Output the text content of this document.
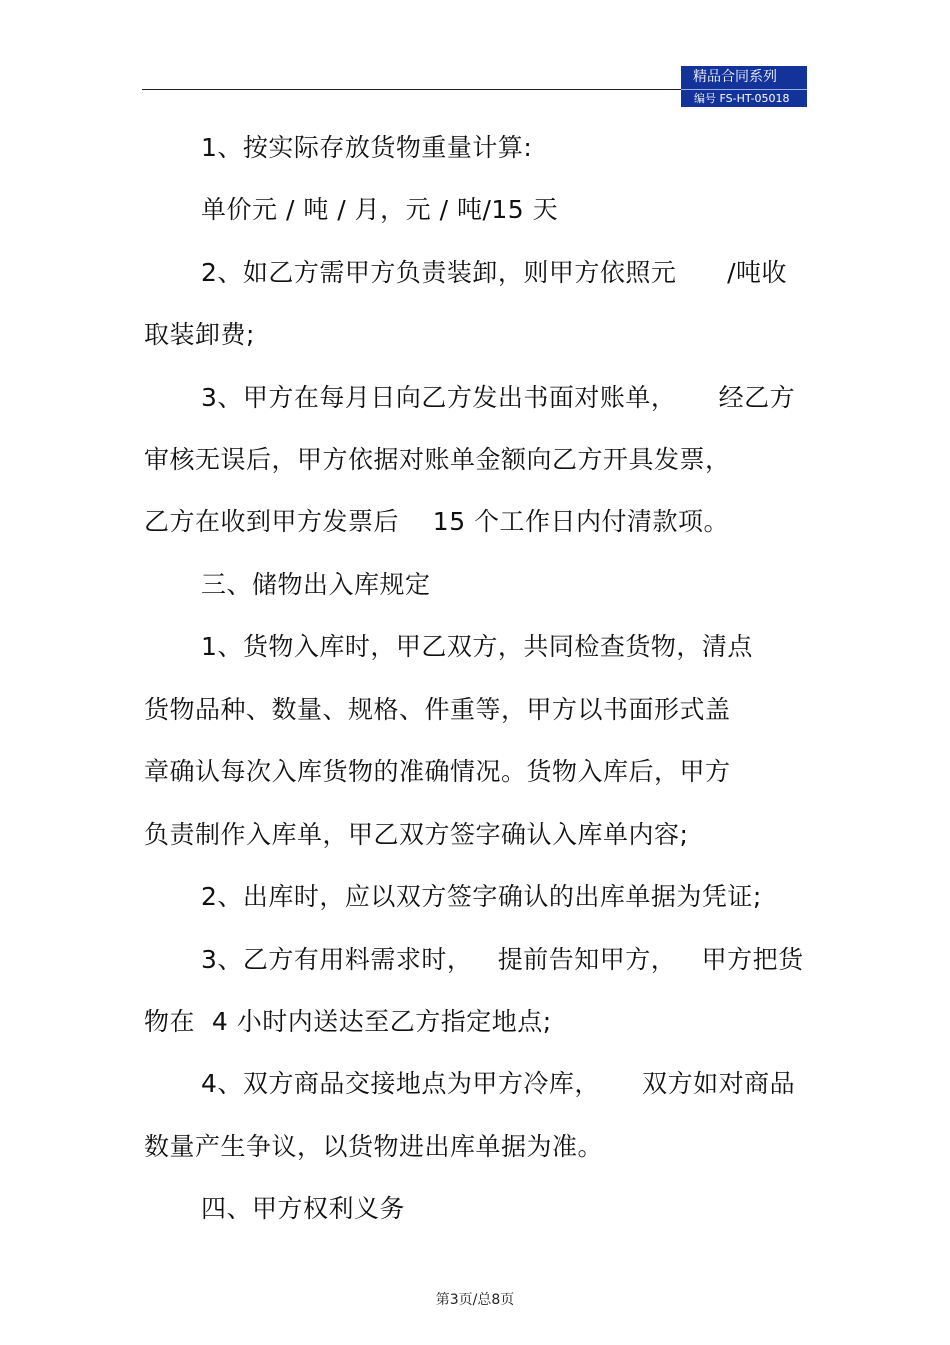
精品合同系列
编号 FS-HT-05018
1、按实际存放货物重量计算:
单价元 / 吨 / 月，元 / 吨/15 天
2、如乙方需甲方负责装卸，则甲方依照元      /吨收
取装卸费;
3、甲方在每月日向乙方发出书面对账单，     经乙方
审核无误后，甲方依据对账单金额向乙方开具发票，
乙方在收到甲方发票后    15 个工作日内付清款项。
三、储物出入库规定
1、货物入库时，甲乙双方，共同检查货物，清点
货物品种、数量、规格、件重等，甲方以书面形式盖
章确认每次入库货物的准确情况。货物入库后，甲方
负责制作入库单，甲乙双方签字确认入库单内容;
2、出库时，应以双方签字确认的出库单据为凭证;
3、乙方有用料需求时，   提前告知甲方，   甲方把货
物在  4 小时内送达至乙方指定地点;
4、双方商品交接地点为甲方冷库，     双方如对商品
数量产生争议，以货物进出库单据为准。
四、甲方权利义务
第3页/总8页
